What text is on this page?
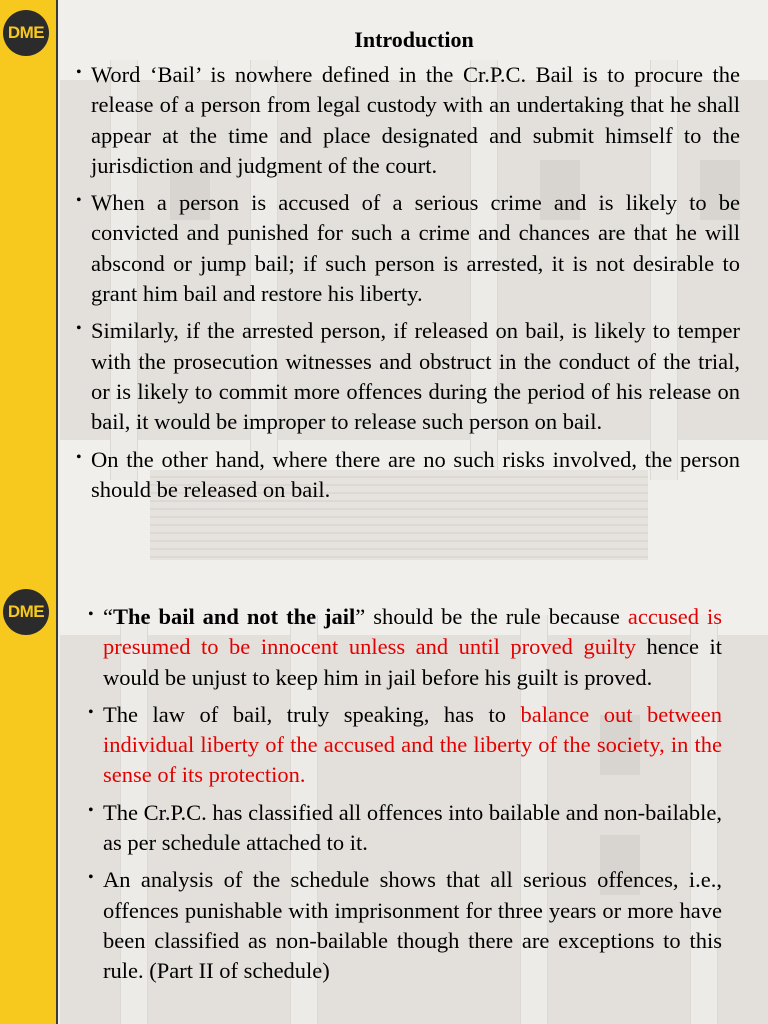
DME	Introduction

• Word ‘Bail’ is nowhere defined in the Cr.P.C. Bail is to procure the release of a person from legal custody with an undertaking that he shall appear at the time and place designated and submit himself to the jurisdiction and judgment of the court.

• When a person is accused of a serious crime and is likely to be convicted and punished for such a crime and chances are that he will abscond or jump bail; if such person is arrested, it is not desirable to grant him bail and restore his liberty.

• Similarly, if the arrested person, if released on bail, is likely to temper with the prosecution witnesses and obstruct in the conduct of the trial, or is likely to commit more offences during the period of his release on bail, it would be improper to release such person on bail.

• On the other hand, where there are no such risks involved, the person should be released on bail.

DME

•	“The bail and not the jail” should be the rule because accused is presumed to be innocent unless and until proved guilty hence it would be unjust to keep him in jail before his guilt is proved.

• The law of bail, truly speaking, has to balance out between individual liberty of the accused and the liberty of the society, in the sense of its protection.

• The Cr.P.C. has classified all offences into bailable and non-bailable, as per schedule attached to it.

• An analysis of the schedule shows that all serious offences, i.e., offences punishable with imprisonment for three years or more have been classified as non-bailable though there are exceptions to this rule. (Part II of schedule)
